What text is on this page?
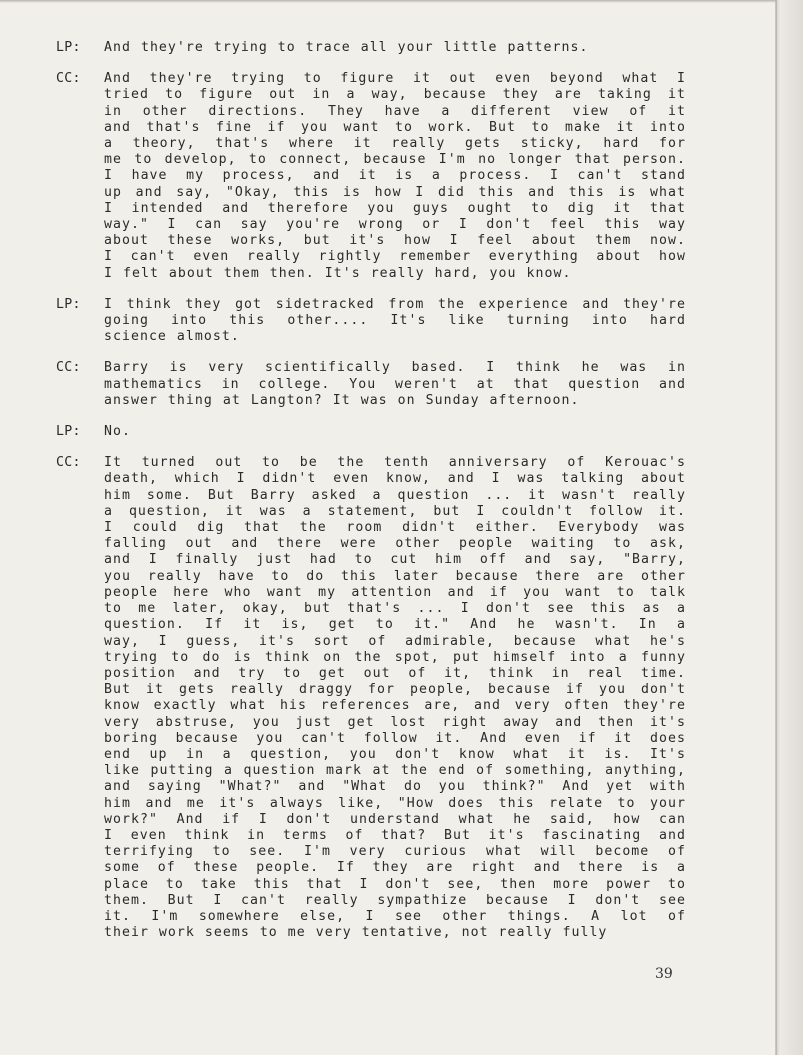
LP:	And they're trying to trace all your little patterns.
CC:	And they're trying to figure it out even beyond what I
tried to figure out in a way, because they are taking it
in other directions. They have a different view of it
and that's fine if you want to work. But to make it into
a theory, that's where it really gets sticky, hard for
me to develop, to connect, because I'm no longer that person.
I have my process, and it is a process. I can't stand
up and say, "Okay, this is how I did this and this is what
I intended and therefore you guys ought to dig it that
way." I can say you're wrong or I don't feel this way
about these works, but it's how I feel about them now.
I can't even really rightly remember everything about how
I felt about them then. It's really hard, you know.
LP:	I think they got sidetracked from the experience and they're
going into this other.... It's like turning into hard
science almost.
CC:	Barry is very scientifically based. I think he was in
mathematics in college. You weren't at that question and
answer thing at Langton? It was on Sunday afternoon.
LP:	No.
CC:	It turned out to be the tenth anniversary of Kerouac's
death, which I didn't even know, and I was talking about
him some. But Barry asked a question ... it wasn't really
a question, it was a statement, but I couldn't follow it.
I could dig that the room didn't either. Everybody was
falling out and there were other people waiting to ask,
and I finally just had to cut him off and say, "Barry,
you really have to do this later because there are other
people here who want my attention and if you want to talk
to me later, okay, but that's ... I don't see this as a
question. If it is, get to it." And he wasn't. In a
way, I guess, it's sort of admirable, because what he's
trying to do is think on the spot, put himself into a funny
position and try to get out of it, think in real time.
But it gets really draggy for people, because if you don't
know exactly what his references are, and very often they're
very abstruse, you just get lost right away and then it's
boring because you can't follow it. And even if it does
end up in a question, you don't know what it is. It's
like putting a question mark at the end of something, anything,
and saying "What?" and "What do you think?" And yet with
him and me it's always like, "How does this relate to your
work?" And if I don't understand what he said, how can
I even think in terms of that? But it's fascinating and
terrifying to see. I'm very curious what will become of
some of these people. If they are right and there is a
place to take this that I don't see, then more power to
them. But I can't really sympathize because I don't see
it. I'm somewhere else, I see other things. A lot of
their work seems to me very tentative, not really fully
39
